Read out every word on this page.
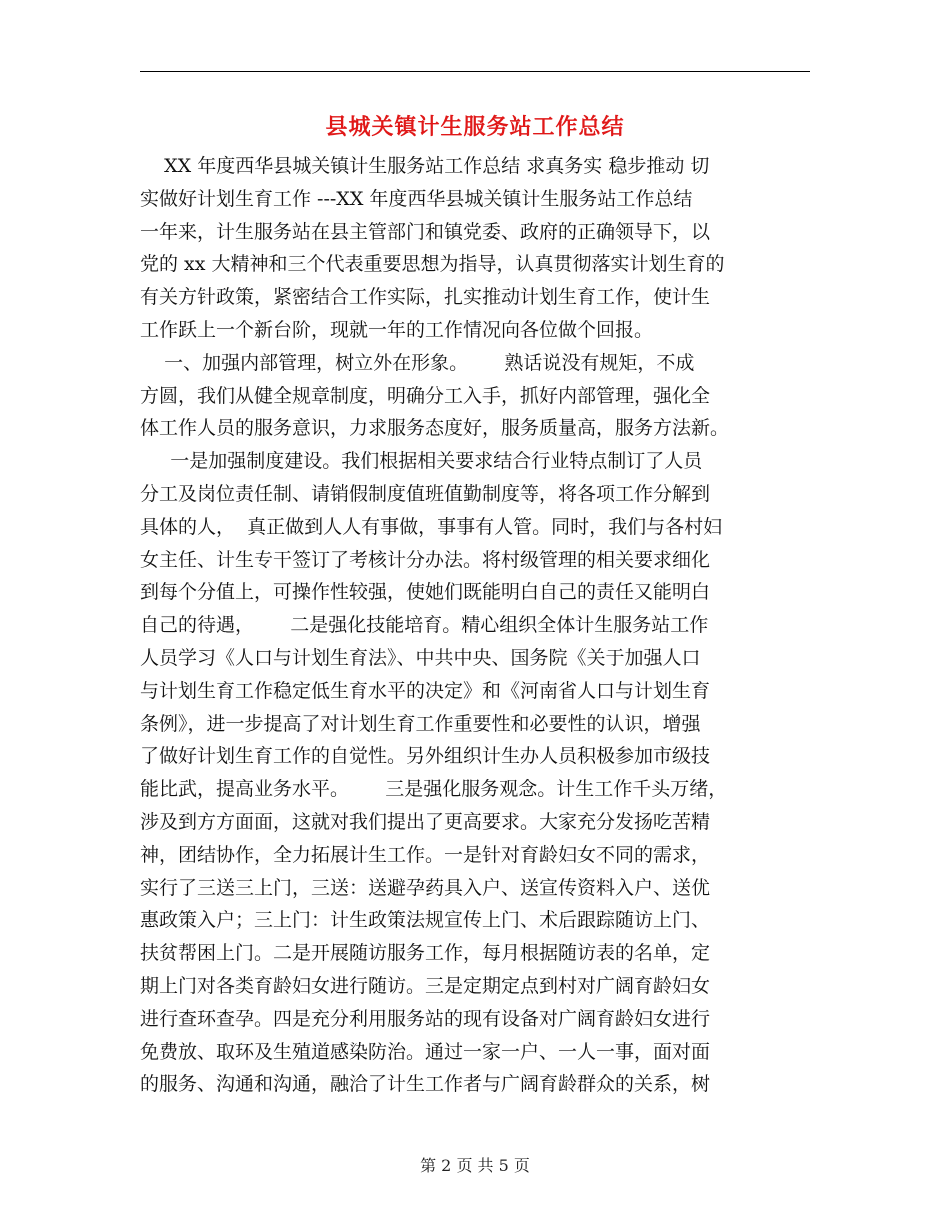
县城关镇计生服务站工作总结
XX 年度西华县城关镇计生服务站工作总结 求真务实 稳步推动 切
实做好计划生育工作 ---XX 年度西华县城关镇计生服务站工作总结
一年来，计生服务站在县主管部门和镇党委、政府的正确领导下，以
党的 xx 大精神和三个代表重要思想为指导，认真贯彻落实计划生育的
有关方针政策，紧密结合工作实际，扎实推动计划生育工作，使计生
工作跃上一个新台阶，现就一年的工作情况向各位做个回报。
一、加强内部管理，树立外在形象。      熟话说没有规矩，不成
方圆，我们从健全规章制度，明确分工入手，抓好内部管理，强化全
体工作人员的服务意识，力求服务态度好，服务质量高，服务方法新。
一是加强制度建设。我们根据相关要求结合行业特点制订了人员
分工及岗位责任制、请销假制度值班值勤制度等，将各项工作分解到
具体的人，  真正做到人人有事做，事事有人管。同时，我们与各村妇
女主任、计生专干签订了考核计分办法。将村级管理的相关要求细化
到每个分值上，可操作性较强，使她们既能明白自己的责任又能明白
自己的待遇，      二是强化技能培育。精心组织全体计生服务站工作
人员学习《人口与计划生育法》、中共中央、国务院《关于加强人口
与计划生育工作稳定低生育水平的决定》和《河南省人口与计划生育
条例》，进一步提高了对计划生育工作重要性和必要性的认识，增强
了做好计划生育工作的自觉性。另外组织计生办人员积极参加市级技
能比武，提高业务水平。      三是强化服务观念。计生工作千头万绪，
涉及到方方面面，这就对我们提出了更高要求。大家充分发扬吃苦精
神，团结协作，全力拓展计生工作。一是针对育龄妇女不同的需求，
实行了三送三上门，三送：送避孕药具入户、送宣传资料入户、送优
惠政策入户；三上门：计生政策法规宣传上门、术后跟踪随访上门、
扶贫帮困上门。二是开展随访服务工作，每月根据随访表的名单，定
期上门对各类育龄妇女进行随访。三是定期定点到村对广阔育龄妇女
进行查环查孕。四是充分利用服务站的现有设备对广阔育龄妇女进行
免费放、取环及生殖道感染防治。通过一家一户、一人一事，面对面
的服务、沟通和沟通，融洽了计生工作者与广阔育龄群众的关系，树
第 2 页 共 5 页
